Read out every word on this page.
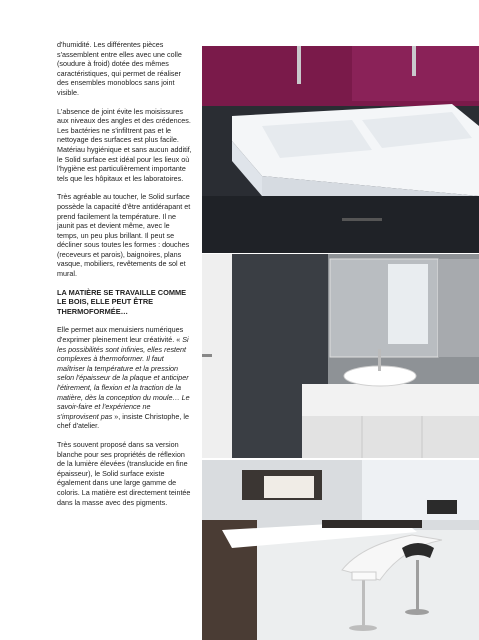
d'humidité. Les différentes pièces s'assemblent entre elles avec une colle (soudure à froid) dotée des mêmes caractéristiques, qui permet de réaliser des ensembles monoblocs sans joint visible.

L'absence de joint évite les moisissures aux niveaux des angles et des crédences. Les bactéries ne s'infiltrent pas et le nettoyage des surfaces est plus facile. Matériau hygiénique et sans aucun additif, le Solid surface est idéal pour les lieux où l'hygiène est particulièrement importante tels que les hôpitaux et les laboratoires.

Très agréable au toucher, le Solid surface possède la capacité d'être antidérapant et prend facilement la température. Il ne jaunit pas et devient même, avec le temps, un peu plus brillant. Il peut se décliner sous toutes les formes : douches (receveurs et parois), baignoires, plans vasque, mobiliers, revêtements de sol et mural.

LA MATIÈRE SE TRAVAILLE COMME LE BOIS, ELLE PEUT ÊTRE THERMOFORMÉE…

Elle permet aux menuisiers numériques d'exprimer pleinement leur créativité. « Si les possibilités sont infinies, elles restent complexes à thermoformer. Il faut maîtriser la température et la pression selon l'épaisseur de la plaque et anticiper l'étirement, la flexion et la traction de la matière, dès la conception du moule… Le savoir-faire et l'expérience ne s'improvisent pas », insiste Christophe, le chef d'atelier.

Très souvent proposé dans sa version blanche pour ses propriétés de réflexion de la lumière élevées (translucide en fine épaisseur), le Solid surface existe également dans une large gamme de coloris. La matière est directement teintée dans la masse avec des pigments.
